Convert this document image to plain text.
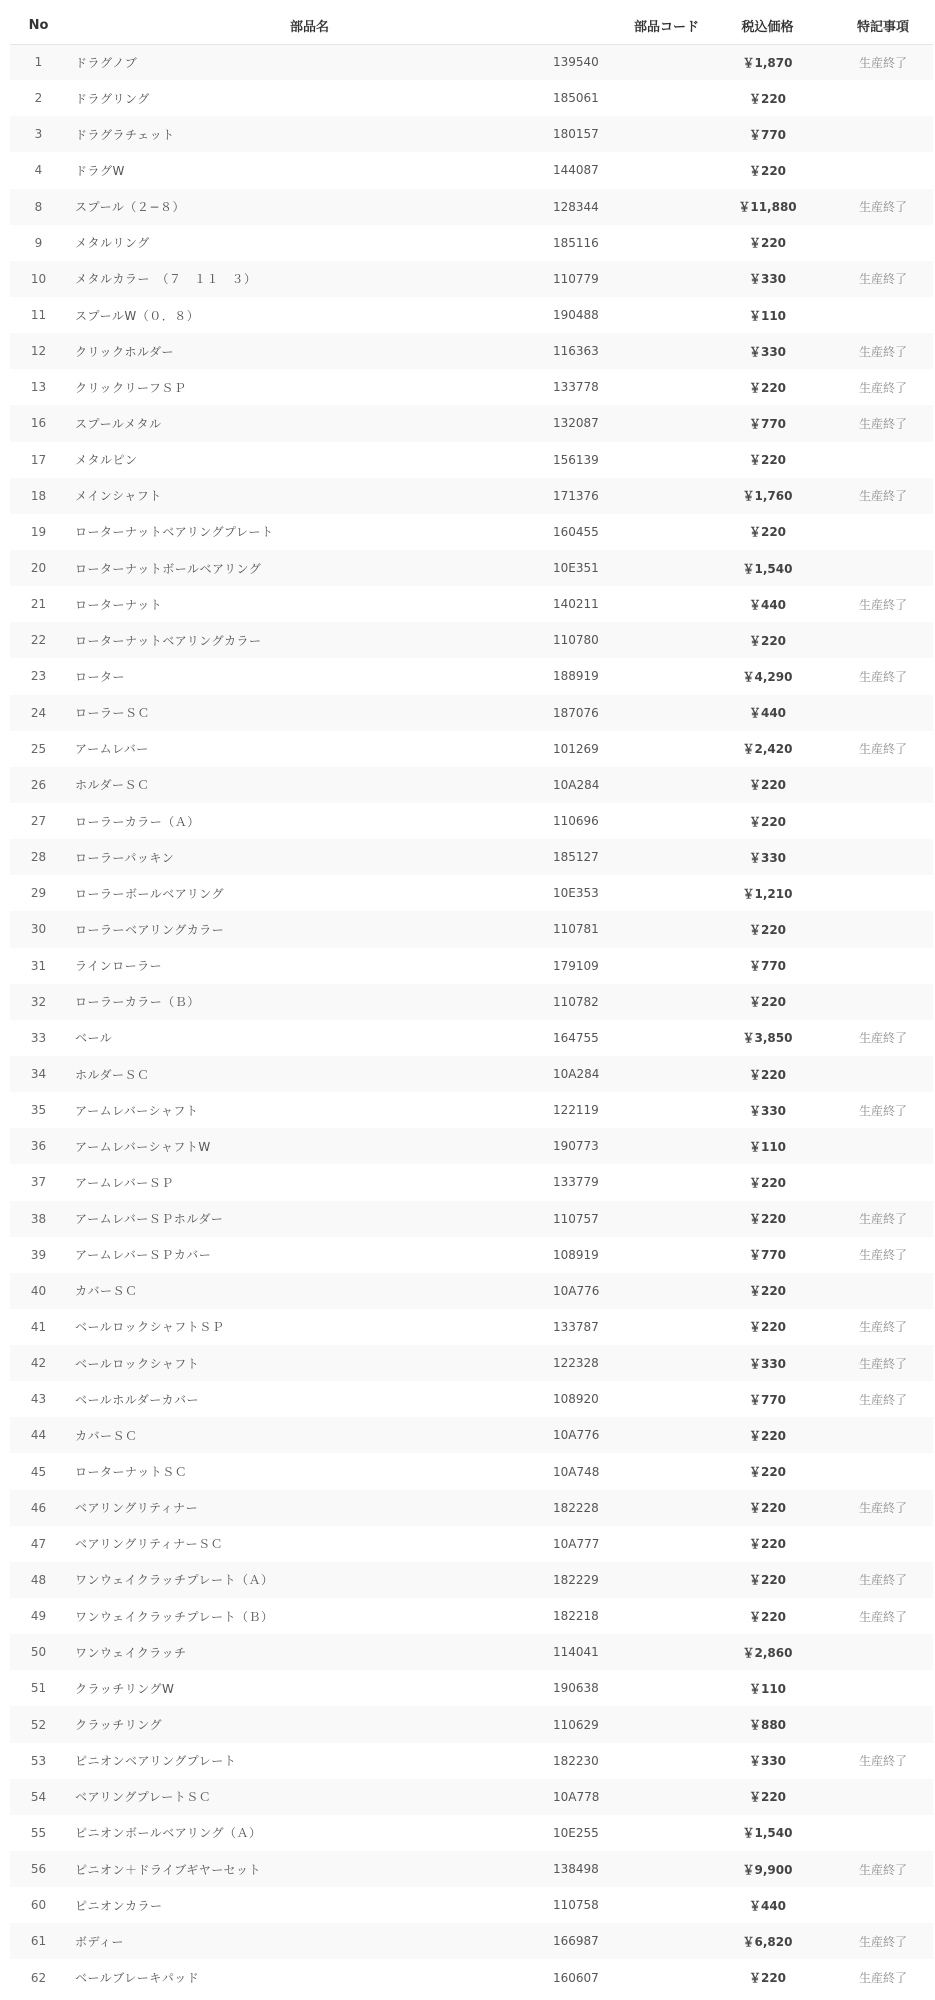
No	部品名	部品コード	税込価格	特記事項
1	ドラグノブ	139540	￥1,870	生産終了
2	ドラグリング	185061	￥220	
3	ドラグラチェット	180157	￥770	
4	ドラグW	144087	￥220	
8	スプール（２−８）	128344	￥11,880	生産終了
9	メタルリング	185116	￥220	
10	メタルカラー　（７　１１　３）	110779	￥330	生産終了
11	スプールW（０．８）	190488	￥110	
12	クリックホルダー	116363	￥330	生産終了
13	クリックリーフＳＰ	133778	￥220	生産終了
16	スプールメタル	132087	￥770	生産終了
17	メタルピン	156139	￥220	
18	メインシャフト	171376	￥1,760	生産終了
19	ローターナットベアリングプレート	160455	￥220	
20	ローターナットボールベアリング	10E351	￥1,540	
21	ローターナット	140211	￥440	生産終了
22	ローターナットベアリングカラー	110780	￥220	
23	ローター	188919	￥4,290	生産終了
24	ローラーＳＣ	187076	￥440	
25	アームレバー	101269	￥2,420	生産終了
26	ホルダーＳＣ	10A284	￥220	
27	ローラーカラー（Ａ）	110696	￥220	
28	ローラーパッキン	185127	￥330	
29	ローラーボールベアリング	10E353	￥1,210	
30	ローラーベアリングカラー	110781	￥220	
31	ラインローラー	179109	￥770	
32	ローラーカラー（Ｂ）	110782	￥220	
33	ベール	164755	￥3,850	生産終了
34	ホルダーＳＣ	10A284	￥220	
35	アームレバーシャフト	122119	￥330	生産終了
36	アームレバーシャフトW	190773	￥110	
37	アームレバーＳＰ	133779	￥220	
38	アームレバーＳＰホルダー	110757	￥220	生産終了
39	アームレバーＳＰカバー	108919	￥770	生産終了
40	カバーＳＣ	10A776	￥220	
41	ベールロックシャフトＳＰ	133787	￥220	生産終了
42	ベールロックシャフト	122328	￥330	生産終了
43	ベールホルダーカバー	108920	￥770	生産終了
44	カバーＳＣ	10A776	￥220	
45	ローターナットＳＣ	10A748	￥220	
46	ベアリングリティナー	182228	￥220	生産終了
47	ベアリングリティナーＳＣ	10A777	￥220	
48	ワンウェイクラッチプレート（Ａ）	182229	￥220	生産終了
49	ワンウェイクラッチプレート（Ｂ）	182218	￥220	生産終了
50	ワンウェイクラッチ	114041	￥2,860	
51	クラッチリングW	190638	￥110	
52	クラッチリング	110629	￥880	
53	ピニオンベアリングプレート	182230	￥330	生産終了
54	ベアリングプレートＳＣ	10A778	￥220	
55	ピニオンボールベアリング（Ａ）	10E255	￥1,540	
56	ピニオン＋ドライブギヤーセット	138498	￥9,900	生産終了
60	ピニオンカラー	110758	￥440	
61	ボディー	166987	￥6,820	生産終了
62	ベールブレーキパッド	160607	￥220	生産終了
